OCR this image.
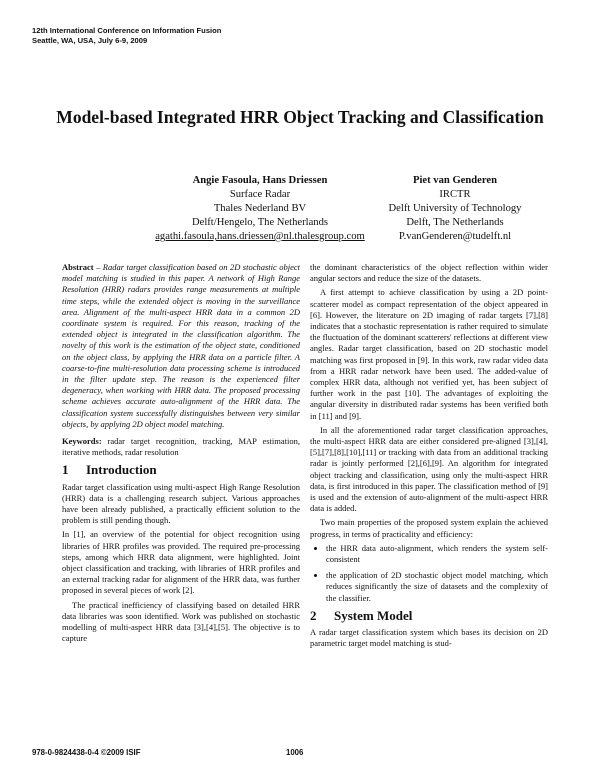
12th International Conference on Information Fusion
Seattle, WA, USA, July 6-9, 2009
Model-based Integrated HRR Object Tracking and Classification
Angie Fasoula, Hans Driessen
Surface Radar
Thales Nederland BV
Delft/Hengelo, The Netherlands
agathi.fasoula,hans.driessen@nl.thalesgroup.com
Piet van Genderen
IRCTR
Delft University of Technology
Delft, The Netherlands
P.vanGenderen@tudelft.nl

Abstract – Radar target classification based on 2D stochastic object model matching is studied in this paper. A network of High Range Resolution (HRR) radars provides range measurements at multiple time steps, while the extended object is moving in the surveillance area. Alignment of the multi-aspect HRR data in a common 2D coordinate system is required. For this reason, tracking of the extended object is integrated in the classification algorithm. The novelty of this work is the estimation of the object state, conditioned on the object class, by applying the HRR data on a particle filter. A coarse-to-fine multi-resolution data processing scheme is introduced in the filter update step. The reason is the experienced filter degeneracy, when working with HRR data. The proposed processing scheme achieves accurate auto-alignment of the HRR data. The classification system successfully distinguishes between very similar objects, by applying 2D object model matching.

Keywords: radar target recognition, tracking, MAP estimation, iterative methods, radar resolution

1 Introduction

Radar target classification using multi-aspect High Range Resolution (HRR) data is a challenging research subject. Various approaches have been already published, a practically efficient solution to the problem is still pending though.

In [1], an overview of the potential for object recognition using libraries of HRR profiles was provided. The required pre-processing steps, among which HRR data alignment, were highlighted. Joint object classification and tracking, with libraries of HRR profiles and an external tracking radar for alignment of the HRR data, was further proposed in several pieces of work [2].

The practical inefficiency of classifying based on detailed HRR data libraries was soon identified. Work was published on stochastic modelling of multi-aspect HRR data [3],[4],[5]. The objective is to capture

the dominant characteristics of the object reflection within wider angular sectors and reduce the size of the datasets.

A first attempt to achieve classification by using a 2D point-scatterer model as compact representation of the object appeared in [6]. However, the literature on 2D imaging of radar targets [7],[8] indicates that a stochastic representation is rather required to simulate the fluctuation of the dominant scatterers' reflections at different view angles. Radar target classification, based on 2D stochastic model matching was first proposed in [9]. In this work, raw radar video data from a HRR radar network have been used. The added-value of complex HRR data, although not verified yet, has been subject of further work in the past [10]. The advantages of exploiting the angular diversity in distributed radar systems has been verified both in [11] and [9].

In all the aforementioned radar target classification approaches, the multi-aspect HRR data are either considered pre-aligned [3],[4],[5],[7],[8],[10],[11] or tracking with data from an additional tracking radar is jointly performed [2],[6],[9]. An algorithm for integrated object tracking and classification, using only the multi-aspect HRR data, is first introduced in this paper. The classification method of [9] is used and the extension of auto-alignment of the multi-aspect HRR data is added.

Two main properties of the proposed system explain the achieved progress, in terms of practicality and efficiency:

• the HRR data auto-alignment, which renders the system self-consistent
• the application of 2D stochastic object model matching, which reduces significantly the size of datasets and the complexity of the classifier.

2 System Model

A radar target classification system which bases its decision on 2D parametric target model matching is stud-

978-0-9824438-0-4 ©2009 ISIF	1006
